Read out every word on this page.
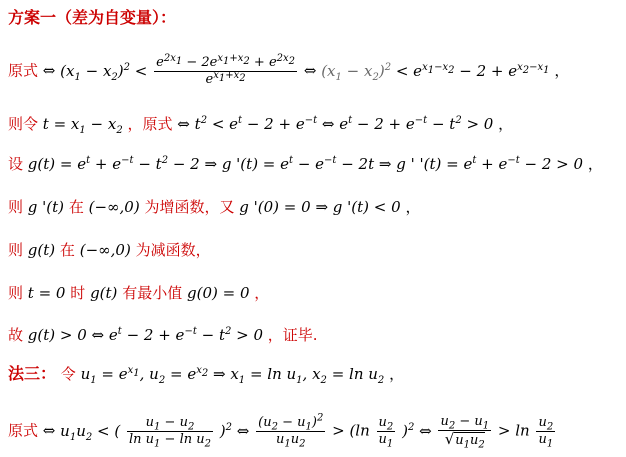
方案一（差为自变量）：
原式 ⇔ $(x_1 - x_2)^2 < \frac{e^{2x_1} - 2e^{x_1+x_2} + e^{2x_2}}{e^{x_1+x_2}}$ ⇔ $(x_1 - x_2)^2 < e^{x_1-x_2} - 2 + e^{x_2-x_1}$ ，
则令 $t = x_1 - x_2$ ，原式 ⇔ $t^2 < e^t - 2 + e^{-t}$ ⇔ $e^t - 2 + e^{-t} - t^2 > 0$ ，
设 $g(t) = e^t + e^{-t} - t^2 - 2$ ⇒ g '$(t) = e^t - e^{-t} - 2t$ ⇒ g ' '$(t) = e^t + e^{-t} - 2 > 0$ ，
则 g '(t) 在 (−∞,0) 为增函数，又 g '(0) = 0 ⇒ g '(t) < 0 ，
则 g(t) 在 (−∞,0) 为减函数，
则 t = 0 时 g(t) 有最小值 g(0) = 0 ，
故 g(t) > 0 ⇔ $e^t - 2 + e^{-t} - t^2 > 0$ ，证毕.
法三： 令 $u_1 = e^{x_1}$, $u_2 = e^{x_2}$ ⇒ $x_1 = \ln u_1$, $x_2 = \ln u_2$ ，
原式 ⇔ $u_1u_2$ < ( $\frac{u_1 - u_2}{\ln u_1 - \ln u_2} )^2$ ⇔ $\frac{(u_2 - u_1)^2}{u_1u_2} > (\ln \frac{u_2}{u_1} )^2$ ⇔ $\frac{u_2 - u_1}{√u_1u_2} > \ln \frac{u_2}{u_1}$
